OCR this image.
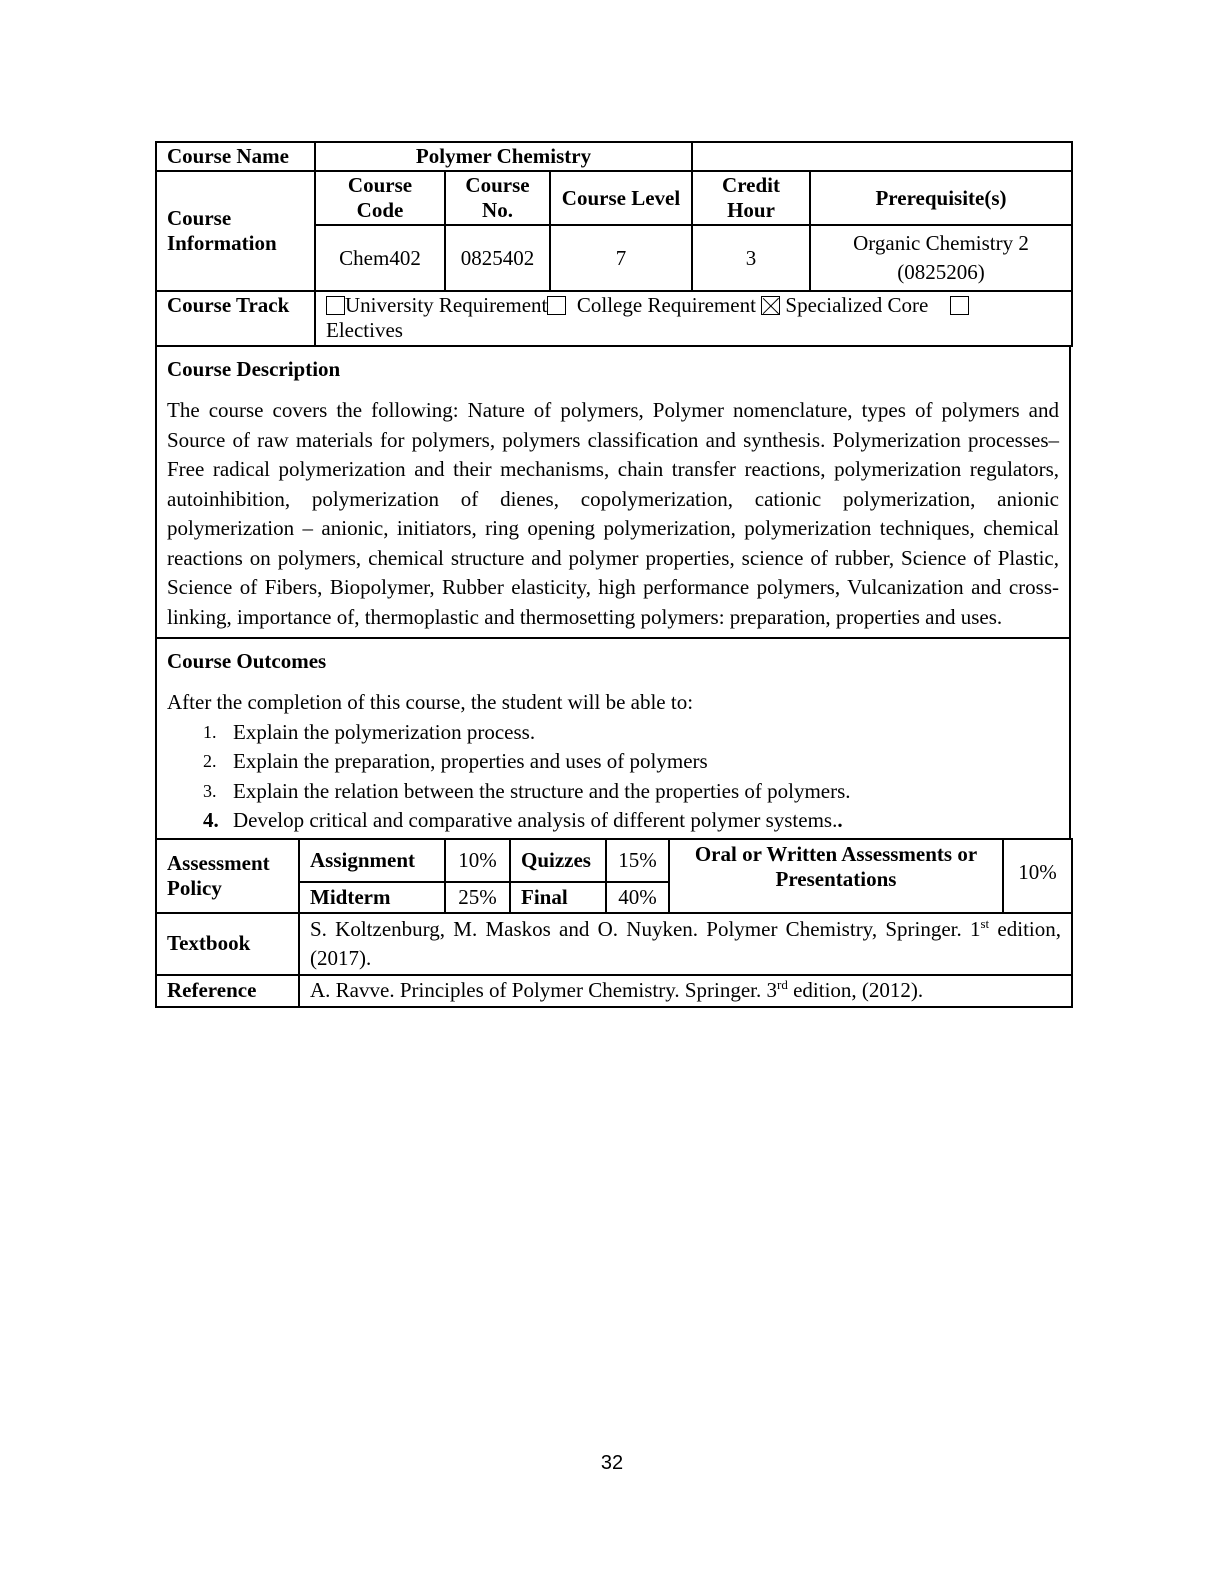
Course Name	Polymer Chemistry				
Course Information	Course Code	Course No.	Course Level	Credit Hour	Prerequisite(s)
	Chem402	0825402	7	3	Organic Chemistry 2
(0825206)
Course Track	University Requirement College Requirement Specialized Core
Electives				
Course Description

The course covers the following: Nature of polymers, Polymer nomenclature, types of polymers and Source of raw materials for polymers, polymers classification and synthesis. Polymerization processes–Free radical polymerization and their mechanisms, chain transfer reactions, polymerization regulators, autoinhibition, polymerization of dienes, copolymerization, cationic polymerization, anionic polymerization – anionic, initiators, ring opening polymerization, polymerization techniques, chemical reactions on polymers, chemical structure and polymer properties, science of rubber, Science of Plastic, Science of Fibers, Biopolymer, Rubber elasticity, high performance polymers, Vulcanization and cross-linking, importance of, thermoplastic and thermosetting polymers: preparation, properties and uses.

Course Outcomes
After the completion of this course, the student will be able to:
1. Explain the polymerization process.
2. Explain the preparation, properties and uses of polymers
3. Explain the relation between the structure and the properties of polymers.
4. Develop critical and comparative analysis of different polymer systems..
Assessment Policy	Assignment	10%	Quizzes	15%	Oral or Written Assessments or Presentations	10%
	Midterm	25%	Final	40%		
Textbook	S. Koltzenburg, M. Maskos and O. Nuyken. Polymer Chemistry, Springer. 1st edition, (2017).					
Reference	A. Ravve. Principles of Polymer Chemistry. Springer. 3rd edition, (2012).					
32
